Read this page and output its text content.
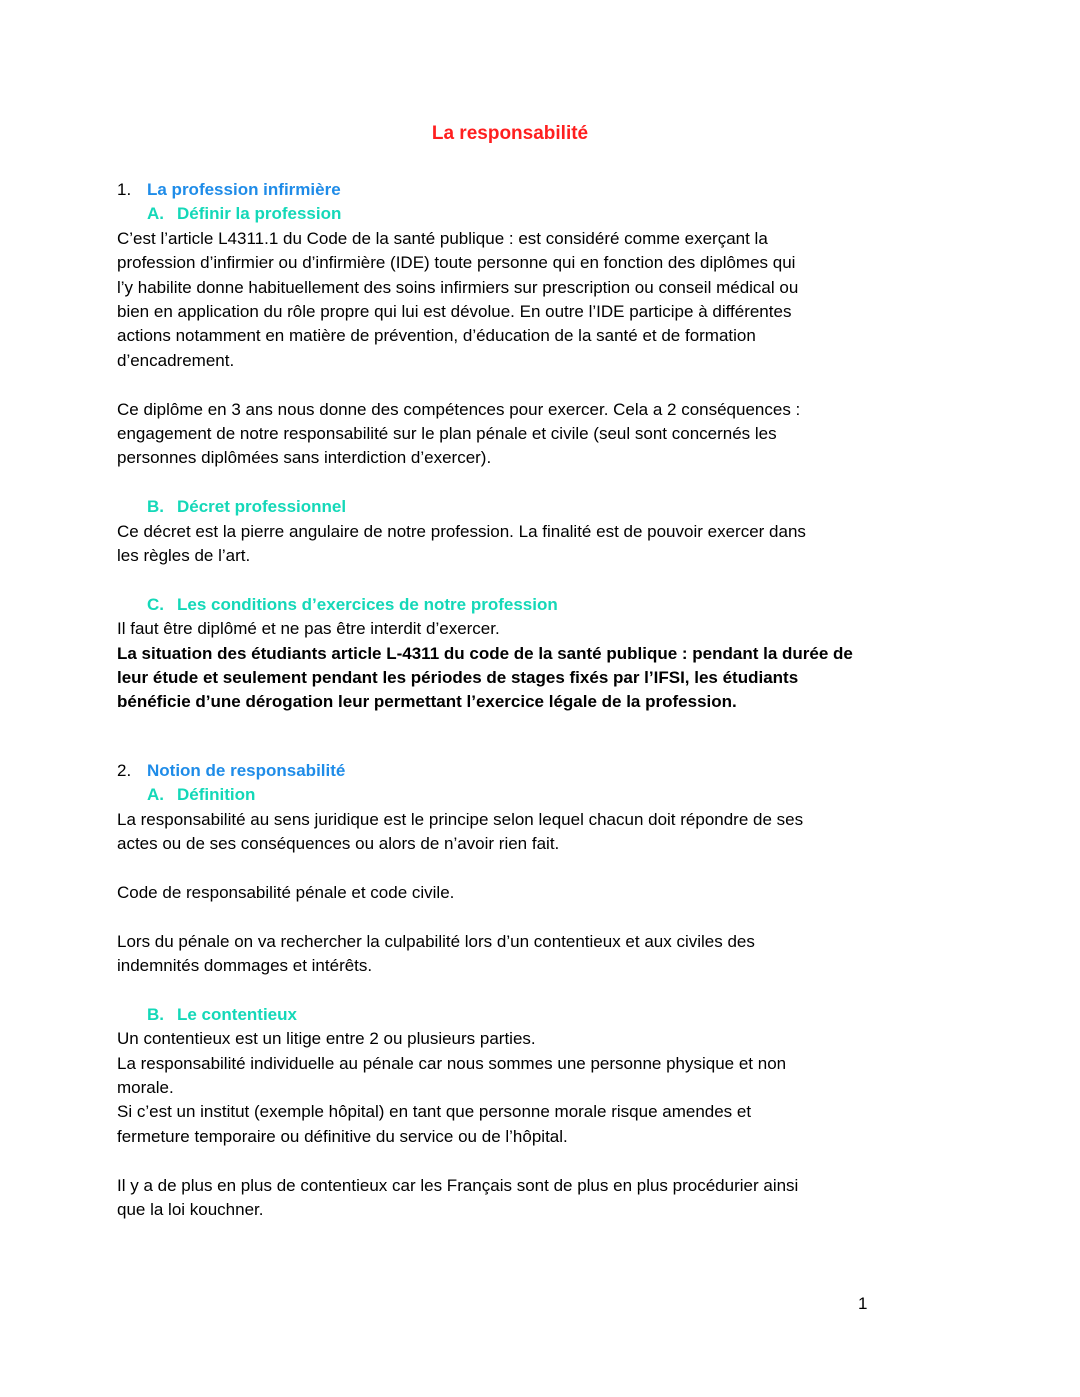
La responsabilité
1. La profession infirmière
A. Définir la profession

C’est l’article L4311.1 du Code de la santé publique : est considéré comme exerçant la

profession d’infirmier ou d’infirmière (IDE) toute personne qui en fonction des diplômes qui

l’y habilite donne habituellement des soins infirmiers sur prescription ou conseil médical ou

bien en application du rôle propre qui lui est dévolue. En outre l’IDE participe à différentes

actions notamment en matière de prévention, d’éducation de la santé et de formation

d’encadrement.

Ce diplôme en 3 ans nous donne des compétences pour exercer. Cela a 2 conséquences :

engagement de notre responsabilité sur le plan pénale et civile (seul sont concernés les

personnes diplômées sans interdiction d’exercer).

B. Décret professionnel

Ce décret est la pierre angulaire de notre profession. La finalité est de pouvoir exercer dans

les règles de l’art.

C. Les conditions d’exercices de notre profession

Il faut être diplômé et ne pas être interdit d’exercer.

La situation des étudiants article L-4311 du code de la santé publique : pendant la durée de

leur étude et seulement pendant les périodes de stages fixés par l’IFSI, les étudiants

bénéficie d’une dérogation leur permettant l’exercice légale de la profession.

2. Notion de responsabilité
A. Définition

La responsabilité au sens juridique est le principe selon lequel chacun doit répondre de ses

actes ou de ses conséquences ou alors de n’avoir rien fait.

Code de responsabilité pénale et code civile.

Lors du pénale on va rechercher la culpabilité lors d’un contentieux et aux civiles des

indemnités dommages et intérêts.

B. Le contentieux

Un contentieux est un litige entre 2 ou plusieurs parties.

La responsabilité individuelle au pénale car nous sommes une personne physique et non

morale.

Si c’est un institut (exemple hôpital) en tant que personne morale risque amendes et

fermeture temporaire ou définitive du service ou de l’hôpital.

Il y a de plus en plus de contentieux car les Français sont de plus en plus procédurier ainsi

que la loi kouchner.

1
